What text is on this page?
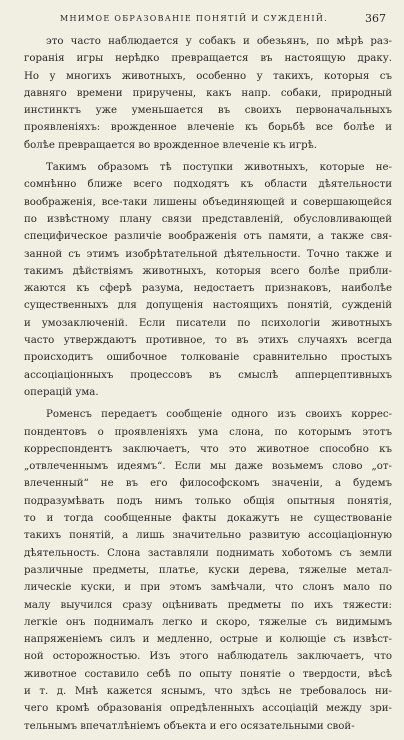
МНИМОЕ ОБРАЗОВАНІЕ ПОНЯТІЙ И СУЖДЕНІЙ.	367
это часто наблюдается у собакъ и обезьянъ, по мѣрѣ раз-
горанія игры нерѣдко превращается въ настоящую драку.
Но у многихъ животныхъ, особенно у такихъ, которыя съ
давняго времени приручены, какъ напр. собаки, природный
инстинктъ уже уменьшается въ своихъ первоначальныхъ
проявленіяхъ: врожденное влеченіе къ борьбѣ все болѣе и
болѣе превращается во врожденное влеченіе къ игрѣ.
Такимъ образомъ тѣ поступки животныхъ, которые не-
сомнѣнно ближе всего подходятъ къ области дѣятельности
воображенія, все-таки лишены объединяющей и совершающейся
по извѣстному плану связи представленій, обусловливающей
специфическое различіе воображенія отъ памяти, а также свя-
занной съ этимъ изобрѣтательной дѣятельности. Точно также и
такимъ дѣйствіямъ животныхъ, которыя всего болѣе прибли-
жаются къ сферѣ разума, недостаетъ признаковъ, наиболѣе
существенныхъ для допущенія настоящихъ понятій, сужденій
и умозаключеній. Если писатели по психологіи животныхъ
часто утверждаютъ противное, то въ этихъ случаяхъ всегда
происходитъ ошибочное толкованіе сравнительно простыхъ
ассоціаціонныхъ процессовъ въ смыслѣ апперцептивныхъ
операцій ума.
Роменсъ передаетъ сообщеніе одного изъ своихъ коррес-
пондентовъ о проявленіяхъ ума слона, по которымъ этотъ
корреспондентъ заключаетъ, что это животное способно къ
„отвлеченнымъ идеямъ“. Если мы даже возьмемъ слово „от-
влеченный“ не въ его философскомъ значеніи, а будемъ
подразумѣвать подъ нимъ только общія опытныя понятія,
то и тогда сообщенные факты докажутъ не существованіе
такихъ понятій, а лишь значительно развитую ассоціаціонную
дѣятельность. Слона заставляли поднимать хоботомъ съ земли
различные предметы, платье, куски дерева, тяжелые метал-
лическіе куски, и при этомъ замѣчали, что слонъ мало по
малу выучился сразу оцѣнивать предметы по ихъ тяжести:
легкіе онъ поднималъ легко и скоро, тяжелые съ видимымъ
напряженіемъ силъ и медленно, острые и колющіе съ извѣст-
ной осторожностью. Изъ этого наблюдатель заключаетъ, что
животное составило себѣ по опыту понятіе о твердости, вѣсѣ
и т. д. Мнѣ кажется яснымъ, что здѣсь не требовалось ни-
чего кромѣ образованія опредѣленныхъ ассоціацій между зри-
тельнымъ впечатлѣніемъ объекта и его осязательными свой-
